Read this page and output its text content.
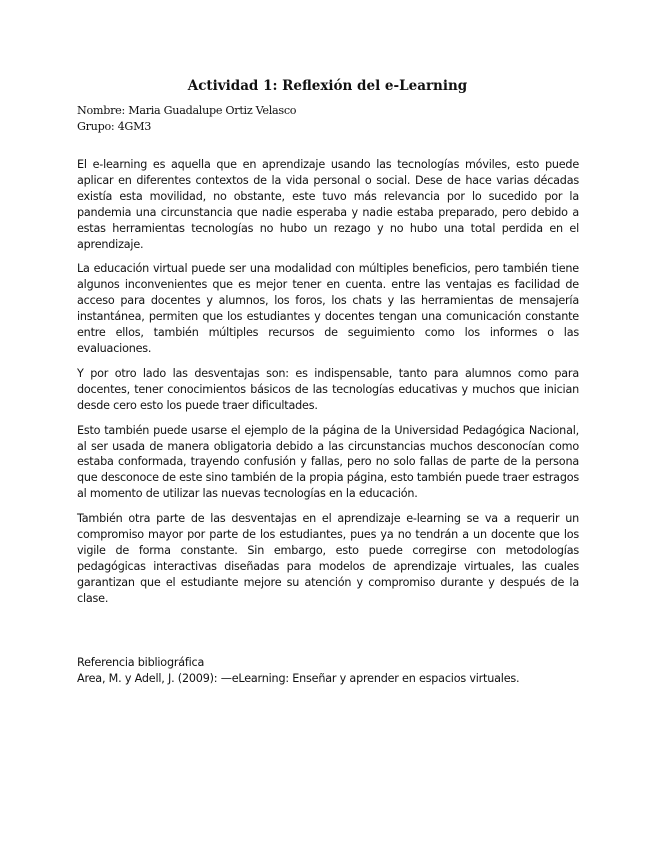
Actividad 1: Reflexión del e-Learning
Nombre: Maria Guadalupe Ortiz Velasco
Grupo: 4GM3

El e-learning es aquella que en aprendizaje usando las tecnologías móviles, esto puede aplicar en diferentes contextos de la vida personal o social. Dese de hace varias décadas existía esta movilidad, no obstante, este tuvo más relevancia por lo sucedido por la pandemia una circunstancia que nadie esperaba y nadie estaba preparado, pero debido a estas herramientas tecnologías no hubo un rezago y no hubo una total perdida en el aprendizaje.

La educación virtual puede ser una modalidad con múltiples beneficios, pero también tiene algunos inconvenientes que es mejor tener en cuenta. entre las ventajas es facilidad de acceso para docentes y alumnos, los foros, los chats y las herramientas de mensajería instantánea, permiten que los estudiantes y docentes tengan una comunicación constante entre ellos, también múltiples recursos de seguimiento como los informes o las evaluaciones.

Y por otro lado las desventajas son: es indispensable, tanto para alumnos como para docentes, tener conocimientos básicos de las tecnologías educativas y muchos que inician desde cero esto los puede traer dificultades.

Esto también puede usarse el ejemplo de la página de la Universidad Pedagógica Nacional, al ser usada de manera obligatoria debido a las circunstancias muchos desconocían como estaba conformada, trayendo confusión y fallas, pero no solo fallas de parte de la persona que desconoce de este sino también de la propia página, esto también puede traer estragos al momento de utilizar las nuevas tecnologías en la educación.

También otra parte de las desventajas en el aprendizaje e-learning se va a requerir un compromiso mayor por parte de los estudiantes, pues ya no tendrán a un docente que los vigile de forma constante. Sin embargo, esto puede corregirse con metodologías pedagógicas interactivas diseñadas para modelos de aprendizaje virtuales, las cuales garantizan que el estudiante mejore su atención y compromiso durante y después de la clase.

Referencia bibliográfica
Area, M. y Adell, J. (2009): —eLearning: Enseñar y aprender en espacios virtuales.
